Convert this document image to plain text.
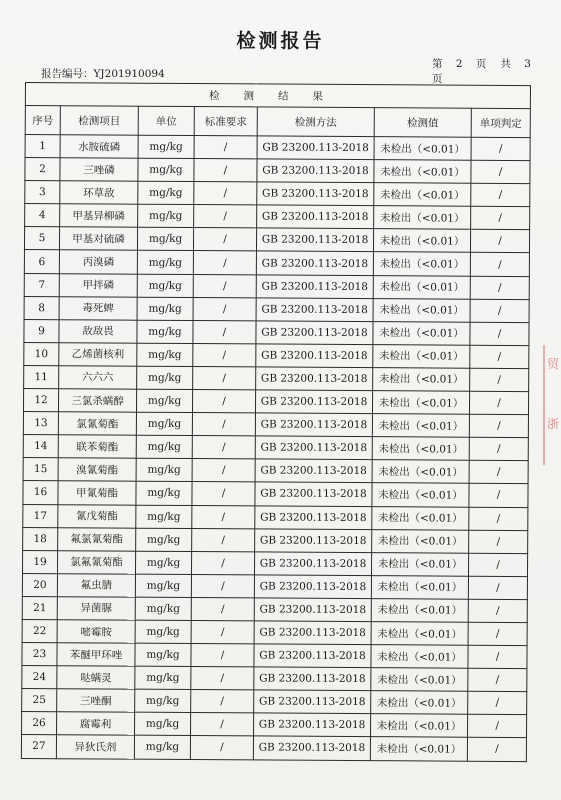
检测报告
报告编号：YJ201910094
第 2 页 共 3 页
检测结果						
序号	检测项目	单位	标准要求	检测方法	检测值	单项判定
1	水胺硫磷	mg/kg	/	GB 23200.113-2018	未检出（<0.01）	/
2	三唑磷	mg/kg	/	GB 23200.113-2018	未检出（<0.01）	/
3	环草敌	mg/kg	/	GB 23200.113-2018	未检出（<0.01）	/
4	甲基异柳磷	mg/kg	/	GB 23200.113-2018	未检出（<0.01）	/
5	甲基对硫磷	mg/kg	/	GB 23200.113-2018	未检出（<0.01）	/
6	丙溴磷	mg/kg	/	GB 23200.113-2018	未检出（<0.01）	/
7	甲拌磷	mg/kg	/	GB 23200.113-2018	未检出（<0.01）	/
8	毒死蜱	mg/kg	/	GB 23200.113-2018	未检出（<0.01）	/
9	敌敌畏	mg/kg	/	GB 23200.113-2018	未检出（<0.01）	/
10	乙烯菌核利	mg/kg	/	GB 23200.113-2018	未检出（<0.01）	/
11	六六六	mg/kg	/	GB 23200.113-2018	未检出（<0.01）	/
12	三氯杀螨醇	mg/kg	/	GB 23200.113-2018	未检出（<0.01）	/
13	氯氰菊酯	mg/kg	/	GB 23200.113-2018	未检出（<0.01）	/
14	联苯菊酯	mg/kg	/	GB 23200.113-2018	未检出（<0.01）	/
15	溴氰菊酯	mg/kg	/	GB 23200.113-2018	未检出（<0.01）	/
16	甲氰菊酯	mg/kg	/	GB 23200.113-2018	未检出（<0.01）	/
17	氰戊菊酯	mg/kg	/	GB 23200.113-2018	未检出（<0.01）	/
18	氟氯氰菊酯	mg/kg	/	GB 23200.113-2018	未检出（<0.01）	/
19	氯氟氰菊酯	mg/kg	/	GB 23200.113-2018	未检出（<0.01）	/
20	氟虫腈	mg/kg	/	GB 23200.113-2018	未检出（<0.01）	/
21	异菌脲	mg/kg	/	GB 23200.113-2018	未检出（<0.01）	/
22	嘧霉胺	mg/kg	/	GB 23200.113-2018	未检出（<0.01）	/
23	苯醚甲环唑	mg/kg	/	GB 23200.113-2018	未检出（<0.01）	/
24	哒螨灵	mg/kg	/	GB 23200.113-2018	未检出（<0.01）	/
25	三唑酮	mg/kg	/	GB 23200.113-2018	未检出（<0.01）	/
26	腐霉利	mg/kg	/	GB 23200.113-2018	未检出（<0.01）	/
27	异狄氏剂	mg/kg	/	GB 23200.113-2018	未检出（<0.01）	/
贸
浙
